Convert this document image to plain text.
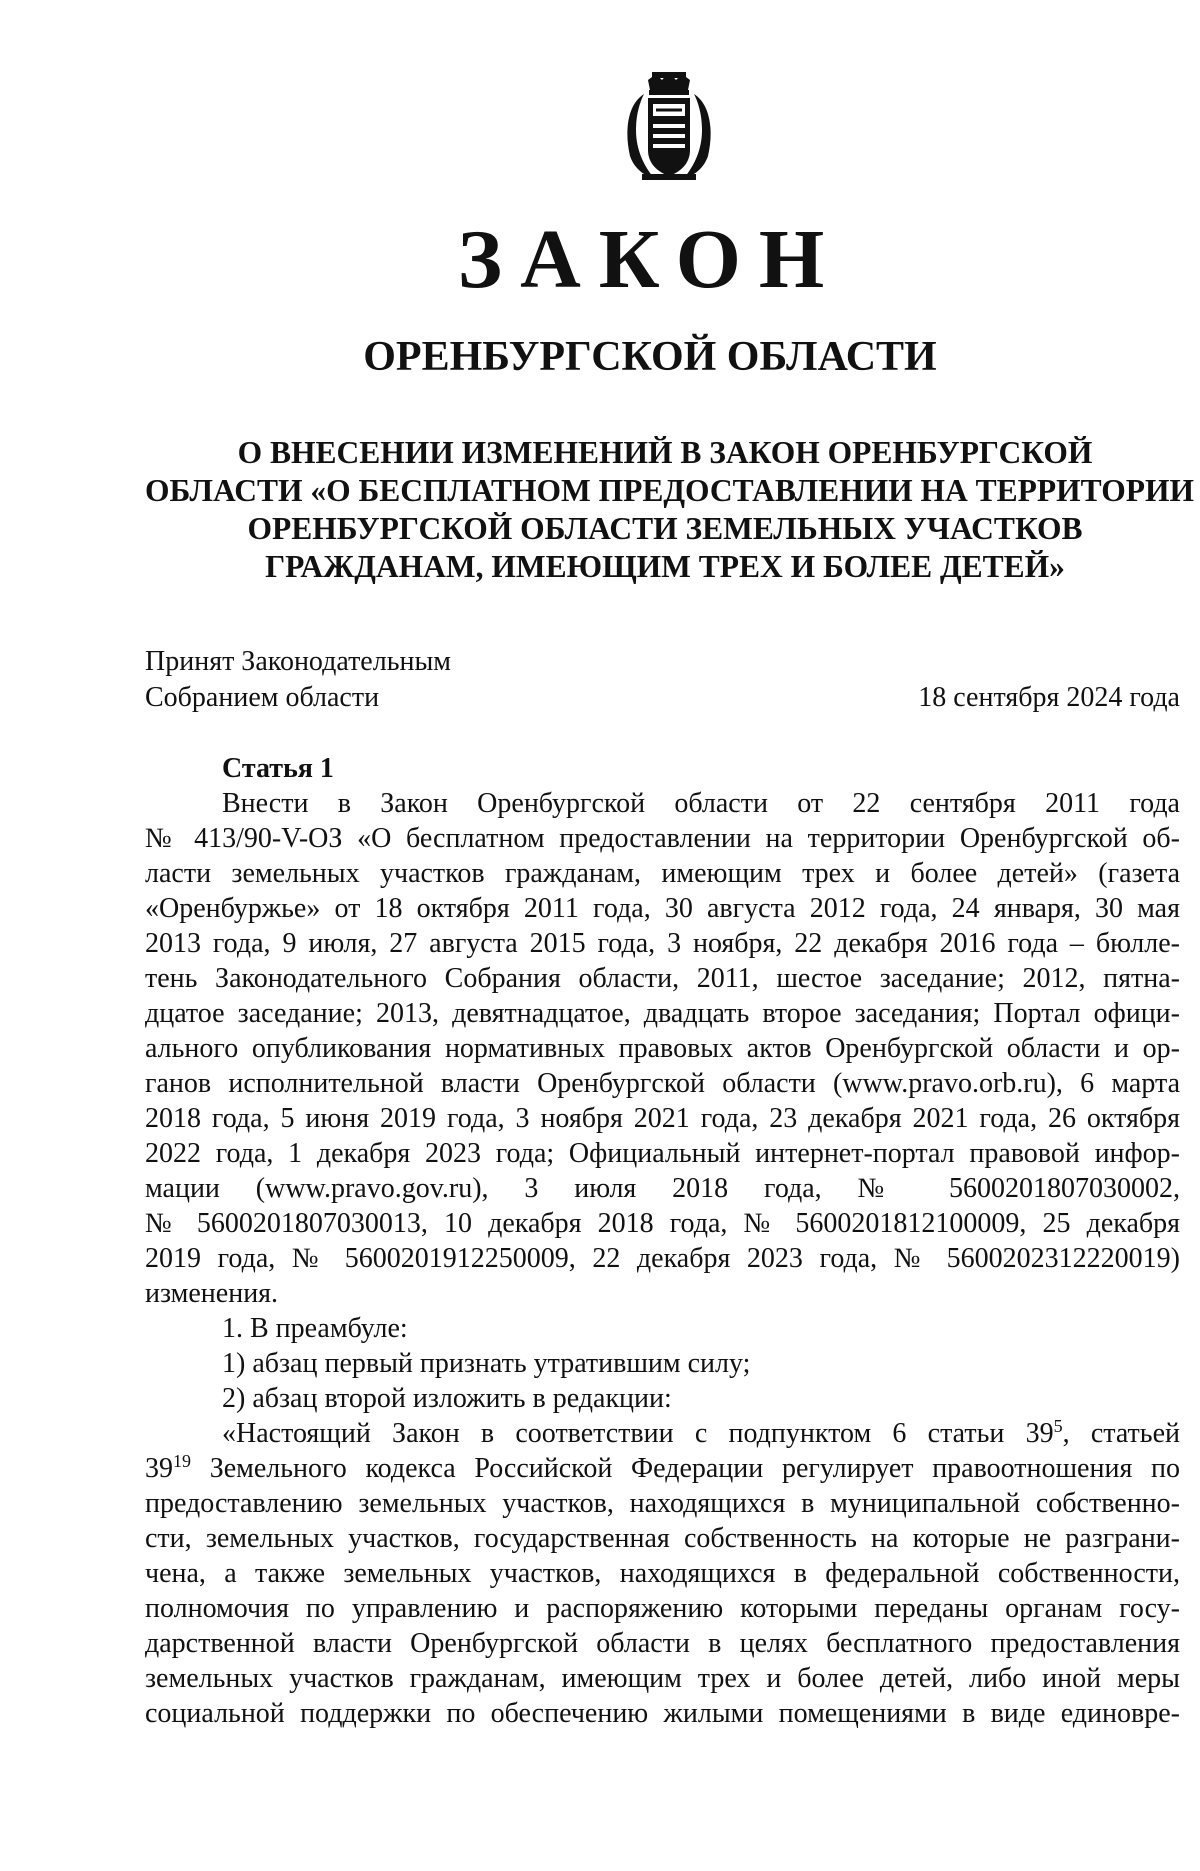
ЗАКОН
ОРЕНБУРГСКОЙ ОБЛАСТИ
О ВНЕСЕНИИ ИЗМЕНЕНИЙ В ЗАКОН ОРЕНБУРГСКОЙ
ОБЛАСТИ «О БЕСПЛАТНОМ ПРЕДОСТАВЛЕНИИ НА ТЕРРИТОРИИ
ОРЕНБУРГСКОЙ ОБЛАСТИ ЗЕМЕЛЬНЫХ УЧАСТКОВ
ГРАЖДАНАМ, ИМЕЮЩИМ ТРЕХ И БОЛЕЕ ДЕТЕЙ»
Принят Законодательным
Собранием области	18 сентября 2024 года
Статья 1
Внести в Закон Оренбургской области от 22 сентября 2011 года
№ 413/90-V-ОЗ «О бесплатном предоставлении на территории Оренбургской об-
ласти земельных участков гражданам, имеющим трех и более детей» (газета
«Оренбуржье» от 18 октября 2011 года, 30 августа 2012 года, 24 января, 30 мая
2013 года, 9 июля, 27 августа 2015 года, 3 ноября, 22 декабря 2016 года – бюлле-
тень Законодательного Собрания области, 2011, шестое заседание; 2012, пятна-
дцатое заседание; 2013, девятнадцатое, двадцать второе заседания; Портал офици-
ального опубликования нормативных правовых актов Оренбургской области и ор-
ганов исполнительной власти Оренбургской области (www.pravo.orb.ru), 6 марта
2018 года, 5 июня 2019 года, 3 ноября 2021 года, 23 декабря 2021 года, 26 октября
2022 года, 1 декабря 2023 года; Официальный интернет-портал правовой инфор-
мации (www.pravo.gov.ru), 3 июля 2018 года, № 5600201807030002,
№ 5600201807030013, 10 декабря 2018 года, № 5600201812100009, 25 декабря
2019 года, № 5600201912250009, 22 декабря 2023 года, № 5600202312220019)
изменения.
1. В преамбуле:
1) абзац первый признать утратившим силу;
2) абзац второй изложить в редакции:
«Настоящий Закон в соответствии с подпунктом 6 статьи $39^5$, статьей
$39^{19}$ Земельного кодекса Российской Федерации регулирует правоотношения по
предоставлению земельных участков, находящихся в муниципальной собственно-
сти, земельных участков, государственная собственность на которые не разграни-
чена, а также земельных участков, находящихся в федеральной собственности,
полномочия по управлению и распоряжению которыми переданы органам госу-
дарственной власти Оренбургской области в целях бесплатного предоставления
земельных участков гражданам, имеющим трех и более детей, либо иной меры
социальной поддержки по обеспечению жилыми помещениями в виде единовре-
